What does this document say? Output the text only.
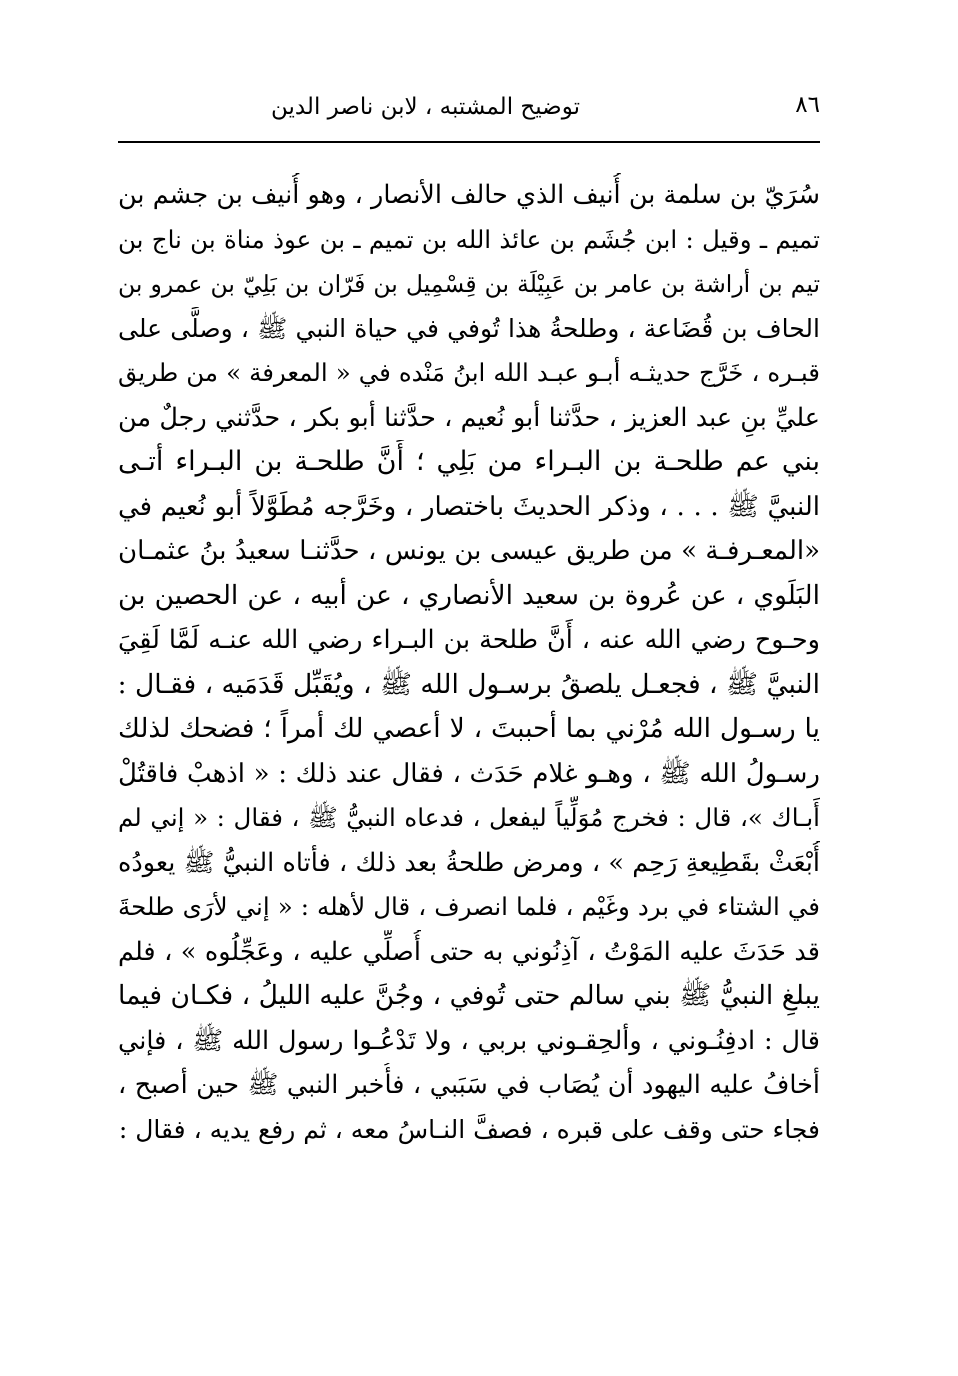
٨٦
توضيح المشتبه ، لابن ناصر الدين
سُرَيّ بن سلمة بن أُنيف الذي حالف الأنصار ، وهو أُنيف بن جشم بن
تميم ـ وقيل : ابن جُشَم بن عائذ الله بن تميم ـ بن عوذ مناة بن ناج بن
تيم بن أراشة بن عامر بن عَبِيْلَة بن قِسْمِيل بن فَرّان بن بَلِيّ بن عمرو بن
الحاف بن قُضَاعة ، وطلحةُ هذا تُوفي في حياة النبي ﷺ ، وصلَّى على
قبـره ، خَرَّج حديثـه أبـو عبـد الله ابنُ مَنْده في « المعرفة » من طريق
عليِّ بنِ عبد العزيز ، حدَّثنا أبو نُعيم ، حدَّثنا أبو بكر ، حدَّثني رجلٌ من
بني عم طلحـة بن البـراء من بَلِي ؛ أَنَّ طلحـة بن البـراء أتـى
النبيَّ ﷺ . . . ، وذكر الحديثَ باختصار ، وخَرَّجه مُطَوَّلاً أبو نُعيم في
«المعـرفـة » من طريق عيسى بن يونس ، حدَّثنـا سعيدُ بنُ عثمـان
البَلَوي ، عن عُروة بن سعيد الأنصاري ، عن أبيه ، عن الحصين بن
وحـوح رضي الله عنه ، أَنَّ طلحة بن البـراء رضي الله عنـه لَمَّا لَقِيَ
النبيَّ ﷺ ، فجعـل يلصقُ برسـول الله ﷺ ، ويُقَبِّل قَدَمَيه ، فقـال :
يا رسـول الله مُرْني بما أحببتَ ، لا أعصي لك أمراً ؛ فضحك لذلك
رسـولُ الله ﷺ ، وهـو غلام حَدَث ، فقال عند ذلك : « اذهبْ فاقتُلْ
أَبـاك »، قال : فخرج مُوَلِّياً ليفعل ، فدعاه النبيُّ ﷺ ، فقال : « إني لم
أُبْعَثْ بقَطِيعةِ رَحِم » ، ومرض طلحةُ بعد ذلك ، فأتاه النبيُّ ﷺ يعودُه
في الشتاء في برد وغَيْم ، فلما انصرف ، قال لأهله : « إني لأرَى طلحةَ
قد حَدَثَ عليه المَوْتُ ، آذِنُوني به حتى أُصلِّي عليه ، وعَجِّلُوه » ، فلم
يبلغِ النبيُّ ﷺ بني سالم حتى تُوفي ، وجُنَّ عليه الليلُ ، فكـان فيما
قال : ادفِنُـوني ، وألحِقـوني بربي ، ولا تَدْعُـوا رسول الله ﷺ ، فإني
أخافُ عليه اليهود أن يُصَاب في سَبَبي ، فأُخبر النبي ﷺ حين أصبح ،
فجاء حتى وقف على قبره ، فصفَّ النـاسُ معه ، ثم رفع يديه ، فقال :
